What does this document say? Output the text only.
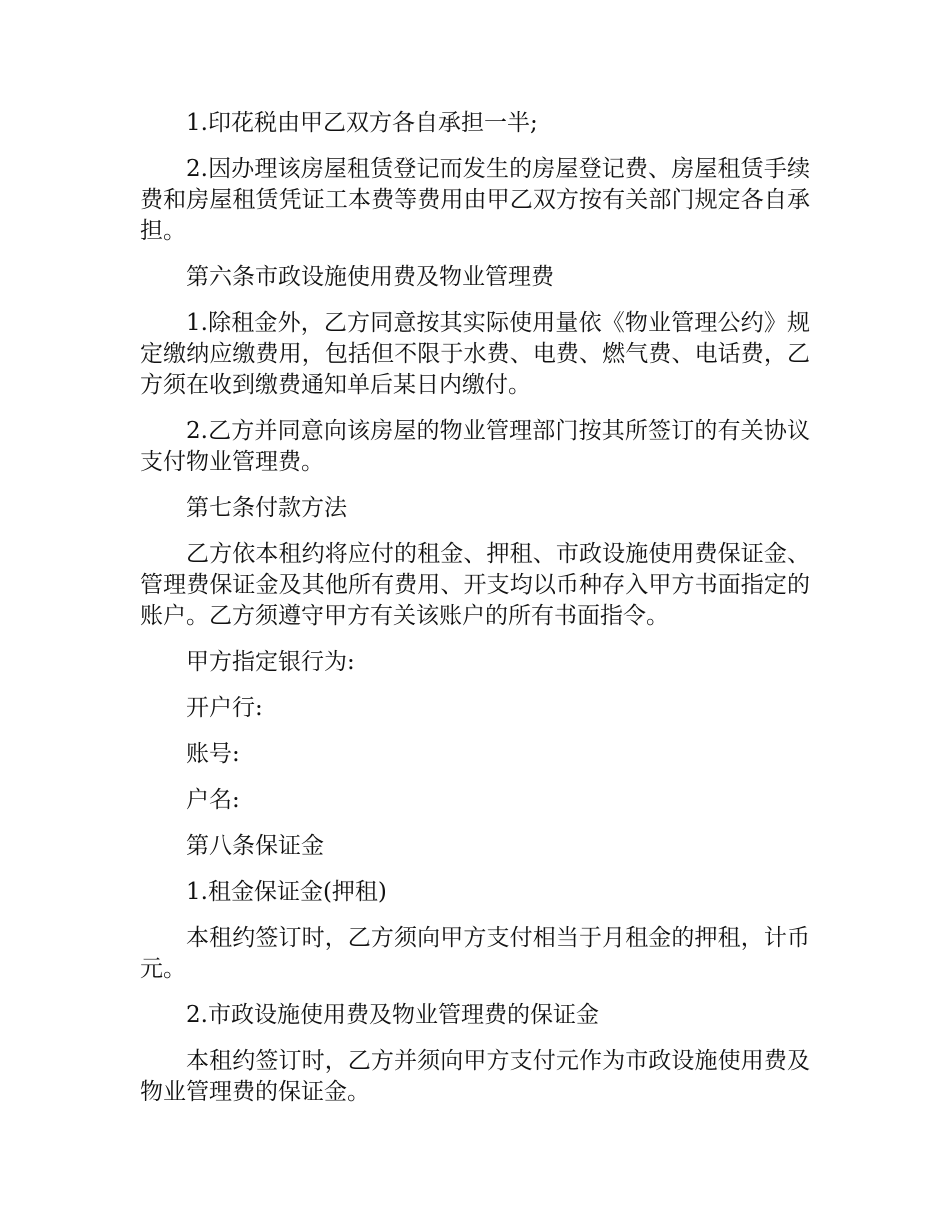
1.印花税由甲乙双方各自承担一半;

2.因办理该房屋租赁登记而发生的房屋登记费、房屋租赁手续费和房屋租赁凭证工本费等费用由甲乙双方按有关部门规定各自承担。

第六条市政设施使用费及物业管理费

1.除租金外，乙方同意按其实际使用量依《物业管理公约》规定缴纳应缴费用，包括但不限于水费、电费、燃气费、电话费，乙方须在收到缴费通知单后某日内缴付。

2.乙方并同意向该房屋的物业管理部门按其所签订的有关协议支付物业管理费。

第七条付款方法

乙方依本租约将应付的租金、押租、市政设施使用费保证金、管理费保证金及其他所有费用、开支均以币种存入甲方书面指定的账户。乙方须遵守甲方有关该账户的所有书面指令。

甲方指定银行为:

开户行:

账号:

户名:

第八条保证金

1.租金保证金(押租)

本租约签订时，乙方须向甲方支付相当于月租金的押租，计币元。

2.市政设施使用费及物业管理费的保证金

本租约签订时，乙方并须向甲方支付元作为市政设施使用费及物业管理费的保证金。
